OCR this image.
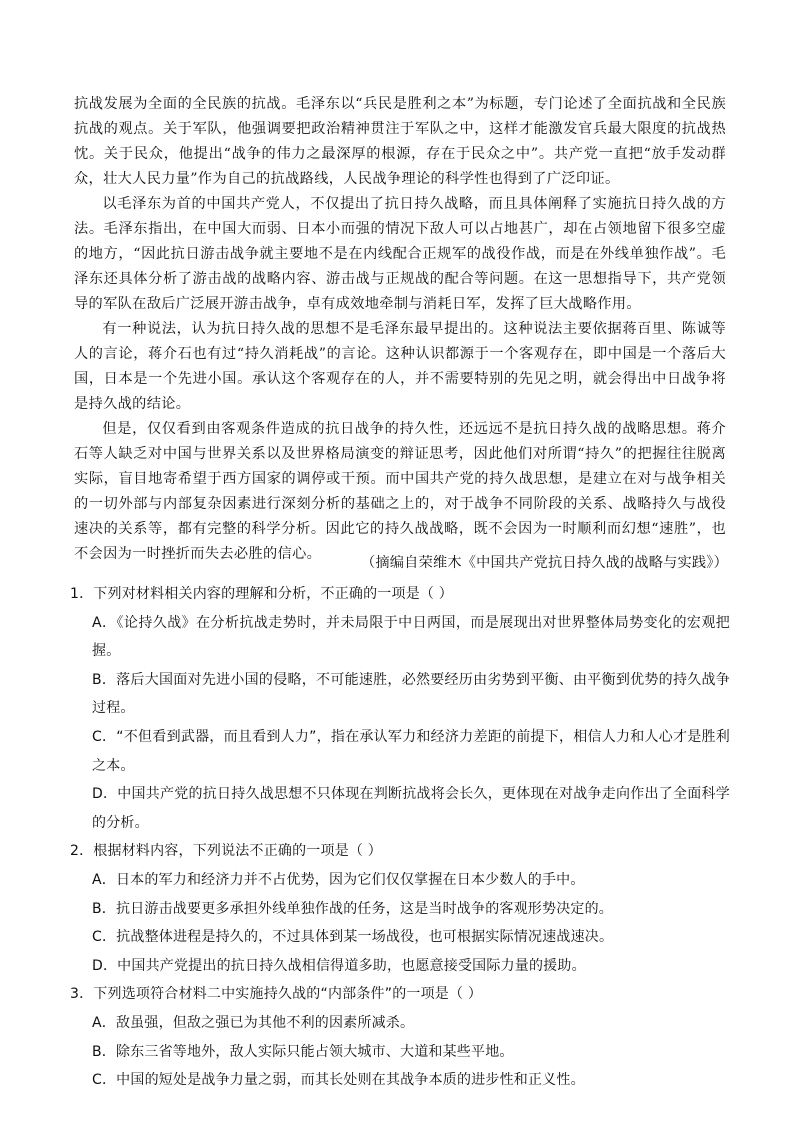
抗战发展为全面的全民族的抗战。毛泽东以“兵民是胜利之本”为标题，专门论述了全面抗战和全民族抗战的观点。关于军队，他强调要把政治精神贯注于军队之中，这样才能激发官兵最大限度的抗战热忱。关于民众，他提出“战争的伟力之最深厚的根源，存在于民众之中”。共产党一直把“放手发动群众，壮大人民力量”作为自己的抗战路线，人民战争理论的科学性也得到了广泛印证。

以毛泽东为首的中国共产党人，不仅提出了抗日持久战略，而且具体阐释了实施抗日持久战的方法。毛泽东指出，在中国大而弱、日本小而强的情况下敌人可以占地甚广，却在占领地留下很多空虚的地方，“因此抗日游击战争就主要地不是在内线配合正规军的战役作战，而是在外线单独作战”。毛泽东还具体分析了游击战的战略内容、游击战与正规战的配合等问题。在这一思想指导下，共产党领导的军队在敌后广泛展开游击战争，卓有成效地牵制与消耗日军，发挥了巨大战略作用。

有一种说法，认为抗日持久战的思想不是毛泽东最早提出的。这种说法主要依据蒋百里、陈诚等人的言论，蒋介石也有过“持久消耗战”的言论。这种认识都源于一个客观存在，即中国是一个落后大国，日本是一个先进小国。承认这个客观存在的人，并不需要特别的先见之明，就会得出中日战争将是持久战的结论。

但是，仅仅看到由客观条件造成的抗日战争的持久性，还远远不是抗日持久战的战略思想。蒋介石等人缺乏对中国与世界关系以及世界格局演变的辩证思考，因此他们对所谓“持久”的把握往往脱离实际，盲目地寄希望于西方国家的调停或干预。而中国共产党的持久战思想，是建立在对与战争相关的一切外部与内部复杂因素进行深刻分析的基础之上的，对于战争不同阶段的关系、战略持久与战役速决的关系等，都有完整的科学分析。因此它的持久战战略，既不会因为一时顺利而幻想“速胜”，也不会因为一时挫折而失去必胜的信心。

（摘编自荣维木《中国共产党抗日持久战的战略与实践》）

1．下列对材料相关内容的理解和分析，不正确的一项是（ ）

A．《论持久战》在分析抗战走势时，并未局限于中日两国，而是展现出对世界整体局势变化的宏观把握。

B．落后大国面对先进小国的侵略，不可能速胜，必然要经历由劣势到平衡、由平衡到优势的持久战争过程。

C．“不但看到武器，而且看到人力”，指在承认军力和经济力差距的前提下，相信人力和人心才是胜利之本。

D．中国共产党的抗日持久战思想不只体现在判断抗战将会长久，更体现在对战争走向作出了全面科学的分析。

2．根据材料内容，下列说法不正确的一项是（ ）

A．日本的军力和经济力并不占优势，因为它们仅仅掌握在日本少数人的手中。

B．抗日游击战要更多承担外线单独作战的任务，这是当时战争的客观形势决定的。

C．抗战整体进程是持久的，不过具体到某一场战役，也可根据实际情况速战速决。

D．中国共产党提出的抗日持久战相信得道多助，也愿意接受国际力量的援助。

3．下列选项符合材料二中实施持久战的“内部条件”的一项是（ ）

A．敌虽强，但敌之强已为其他不利的因素所减杀。

B．除东三省等地外，敌人实际只能占领大城市、大道和某些平地。

C．中国的短处是战争力量之弱，而其长处则在其战争本质的进步性和正义性。
